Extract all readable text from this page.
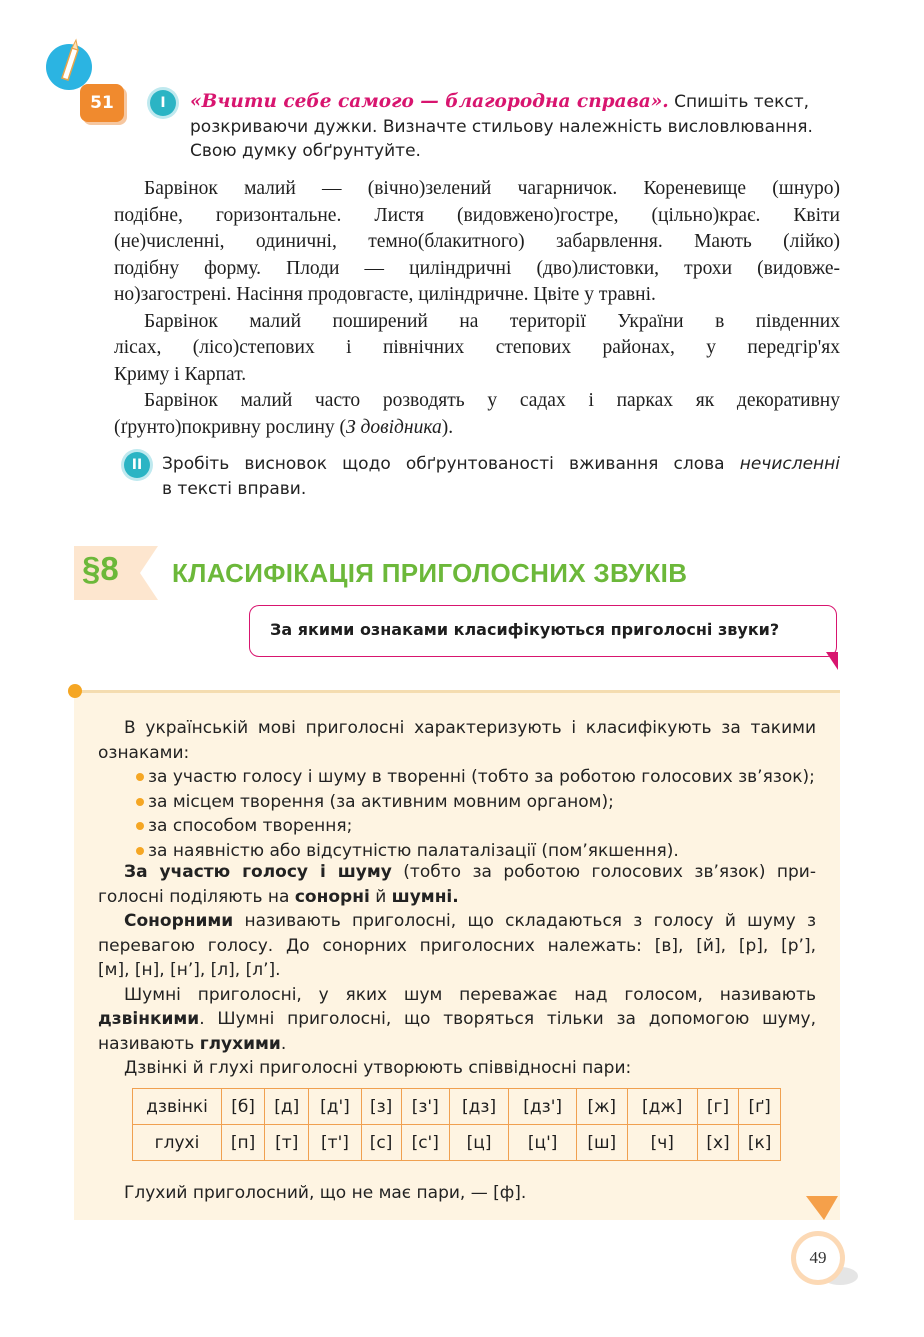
51	I	«Вчити себе самого — благородна справа». Спишіть текст,
розкриваючи дужки. Визначте стильову належність висловлювання.
Свою думку обґрунтуйте.

Барвінок малий — (вічно)зелений чагарничок. Кореневище (шнуро)

подібне, горизонтальне. Листя (видовжено)гостре, (цільно)крає. Квіти

(не)численні, одиничні, темно(блакитного) забарвлення. Мають (лійко)

подібну форму. Плоди — циліндричні (дво)листовки, трохи (видовже-

но)загострені. Насіння продовгасте, циліндричне. Цвіте у травні.

Барвінок малий поширений на території України в південних

лісах, (лісо)степових і північних степових районах, у передгір'ях

Криму і Карпат.

Барвінок малий часто розводять у садах і парках як декоративну

(ґрунто)покривну рослину (З довідника).

II	Зробіть висновок щодо обґрунтованості вживання слова нечисленні
в тексті вправи.
§8 КЛАСИФІКАЦІЯ ПРИГОЛОСНИХ ЗВУКІВ
За якими ознаками класифікуються приголосні звуки?

В українській мові приголосні характеризують і класифікують за такими

ознаками:

за участю голосу і шуму в творенні (тобто за роботою голосових зв’язок);
за місцем творення (за активним мовним органом);
за способом творення;
за наявністю або відсутністю палаталізації (пом’якшення).

За участю голосу і шуму (тобто за роботою голосових зв’язок) при-

голосні поділяють на сонорні й шумні.

Сонорними називають приголосні, що складаються з голосу й шуму з

перевагою голосу. До сонорних приголосних належать: [в], [й], [р], [р’],

[м], [н], [н’], [л], [л’].

Шумні приголосні, у яких шум переважає над голосом, називають

дзвінкими. Шумні приголосні, що творяться тільки за допомогою шуму,

називають глухими.

Дзвінкі й глухі приголосні утворюють співвідносні пари:

дзвінкі	[б]	[д]	[д']	[з]	[з']	[дз]	[дз']	[ж]	[дж]	[г]	[ґ]
глухі	[п]	[т]	[т']	[с]	[с']	[ц]	[ц']	[ш]	[ч]	[х]	[к]
Глухий приголосний, що не має пари, — [ф].
49
